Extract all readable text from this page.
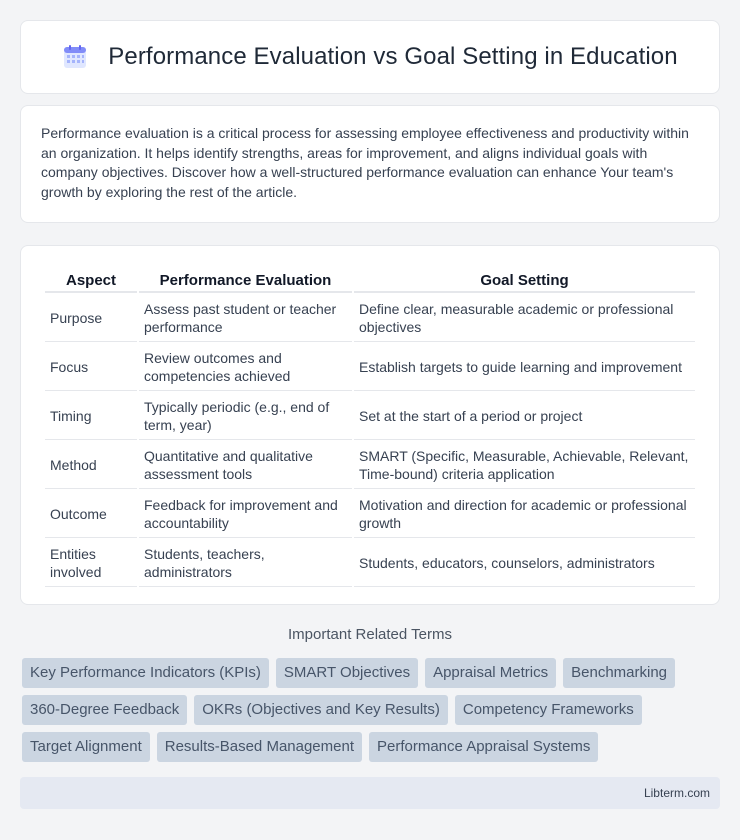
Performance Evaluation vs Goal Setting in Education

Performance evaluation is a critical process for assessing employee effectiveness and productivity within an organization. It helps identify strengths, areas for improvement, and aligns individual goals with company objectives. Discover how a well-structured performance evaluation can enhance Your team's growth by exploring the rest of the article.

Aspect	Performance Evaluation	Goal Setting
Purpose	Assess past student or teacher performance	Define clear, measurable academic or professional objectives
Focus	Review outcomes and competencies achieved	Establish targets to guide learning and improvement
Timing	Typically periodic (e.g., end of term, year)	Set at the start of a period or project
Method	Quantitative and qualitative assessment tools	SMART (Specific, Measurable, Achievable, Relevant, Time-bound) criteria application
Outcome	Feedback for improvement and accountability	Motivation and direction for academic or professional growth
Entities involved	Students, teachers, administrators	Students, educators, counselors, administrators
Important Related Terms
Key Performance Indicators (KPIs)	SMART Objectives	Appraisal Metrics	Benchmarking
360-Degree Feedback	OKRs (Objectives and Key Results)	Competency Frameworks
Target Alignment	Results-Based Management	Performance Appraisal Systems
Libterm.com
